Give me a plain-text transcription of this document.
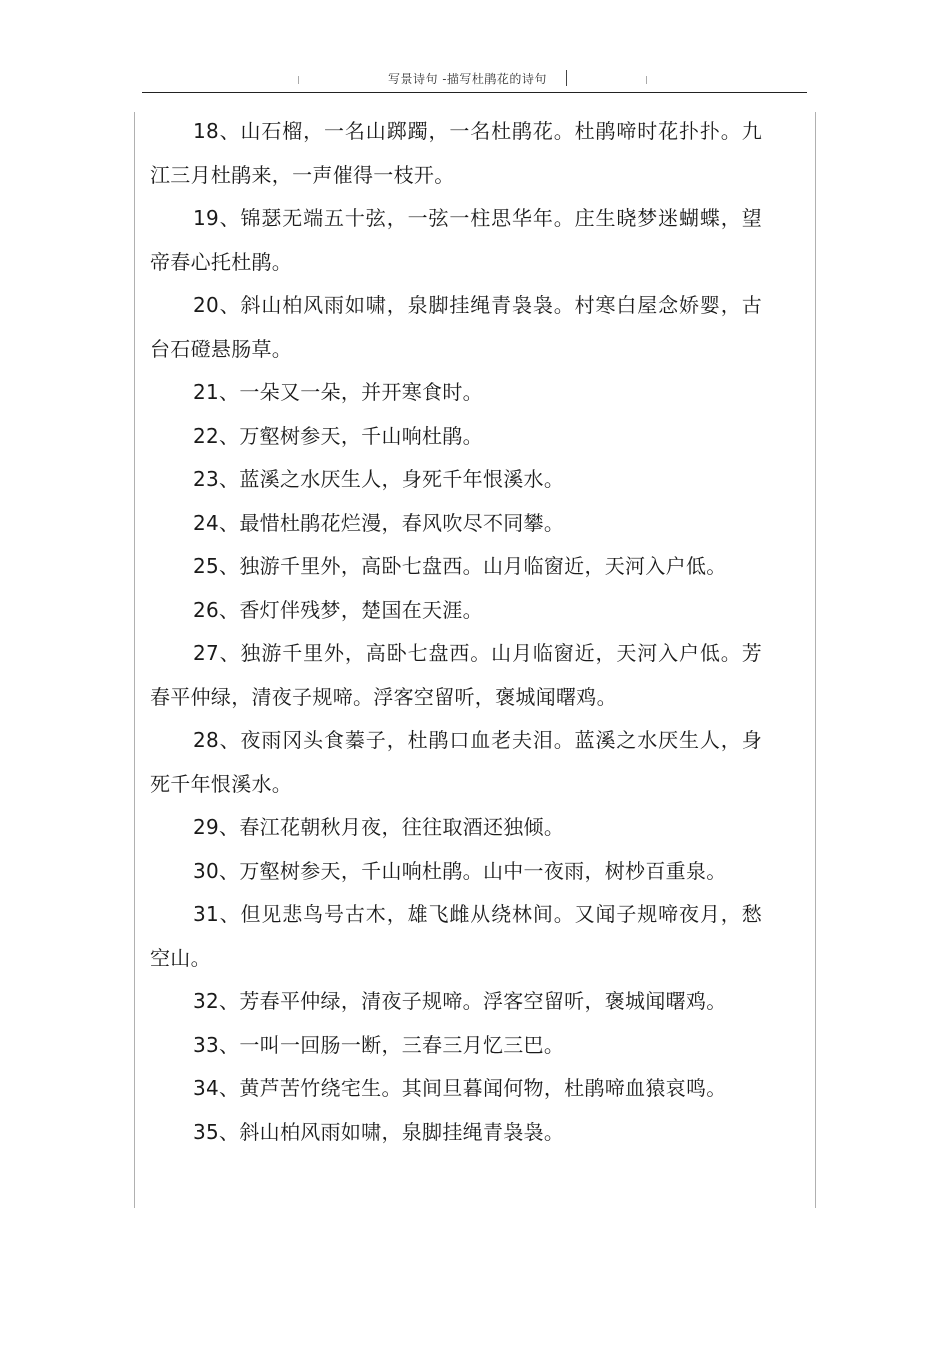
写景诗句 -描写杜鹃花的诗句

18、山石榴，一名山踯躅，一名杜鹃花。杜鹃啼时花扑扑。九江三月杜鹃来，一声催得一枝开。

19、锦瑟无端五十弦，一弦一柱思华年。庄生晓梦迷蝴蝶，望帝春心托杜鹃。

20、斜山柏风雨如啸，泉脚挂绳青袅袅。村寒白屋念娇婴，古台石磴悬肠草。

21、一朵又一朵，并开寒食时。

22、万壑树参天，千山响杜鹃。

23、蓝溪之水厌生人，身死千年恨溪水。

24、最惜杜鹃花烂漫，春风吹尽不同攀。

25、独游千里外，高卧七盘西。山月临窗近，天河入户低。

26、香灯伴残梦，楚国在天涯。

27、独游千里外，高卧七盘西。山月临窗近，天河入户低。芳春平仲绿，清夜子规啼。浮客空留听，褒城闻曙鸡。

28、夜雨冈头食蓁子，杜鹃口血老夫泪。蓝溪之水厌生人，身死千年恨溪水。

29、春江花朝秋月夜，往往取酒还独倾。

30、万壑树参天，千山响杜鹃。山中一夜雨，树杪百重泉。

31、但见悲鸟号古木，雄飞雌从绕林间。又闻子规啼夜月，愁空山。

32、芳春平仲绿，清夜子规啼。浮客空留听，褒城闻曙鸡。

33、一叫一回肠一断，三春三月忆三巴。

34、黄芦苦竹绕宅生。其间旦暮闻何物，杜鹃啼血猿哀鸣。

35、斜山柏风雨如啸，泉脚挂绳青袅袅。
